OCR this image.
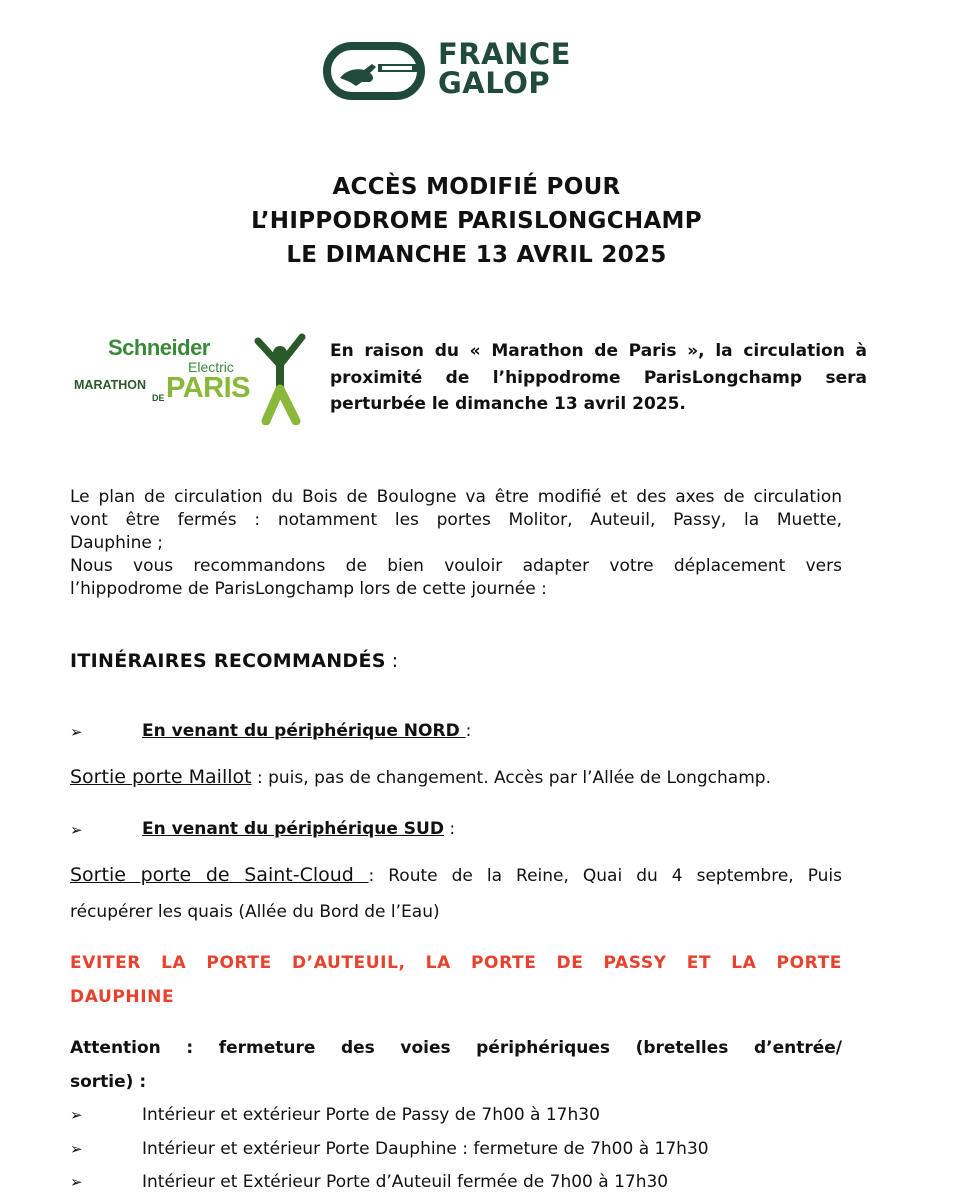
FRANCE
GALOP
ACCÈS MODIFIÉ POUR
L’HIPPODROME PARISLONGCHAMP
LE DIMANCHE 13 AVRIL 2025
Schneider
Electric
MARATHON
DE PARIS
En raison du « Marathon de Paris », la circulation à
proximité de l’hippodrome ParisLongchamp sera
perturbée le dimanche 13 avril 2025.
Le plan de circulation du Bois de Boulogne va être modifié et des axes de circulation
vont être fermés : notamment les portes Molitor, Auteuil, Passy, la Muette,
Dauphine ;
Nous vous recommandons de bien vouloir adapter votre déplacement vers
l’hippodrome de ParisLongchamp lors de cette journée :
ITINÉRAIRES RECOMMANDÉS :
➢	En venant du périphérique NORD :
Sortie porte Maillot : puis, pas de changement. Accès par l’Allée de Longchamp.
➢	En venant du périphérique SUD :
Sortie porte de Saint-Cloud : Route de la Reine, Quai du 4 septembre, Puis
récupérer les quais (Allée du Bord de l’Eau)
EVITER LA PORTE D’AUTEUIL, LA PORTE DE PASSY ET LA PORTE
DAUPHINE
Attention : fermeture des voies périphériques (bretelles d’entrée/
sortie) :
➢	Intérieur et extérieur Porte de Passy de 7h00 à 17h30
➢	Intérieur et extérieur Porte Dauphine : fermeture de 7h00 à 17h30
➢	Intérieur et Extérieur Porte d’Auteuil fermée de 7h00 à 17h30
